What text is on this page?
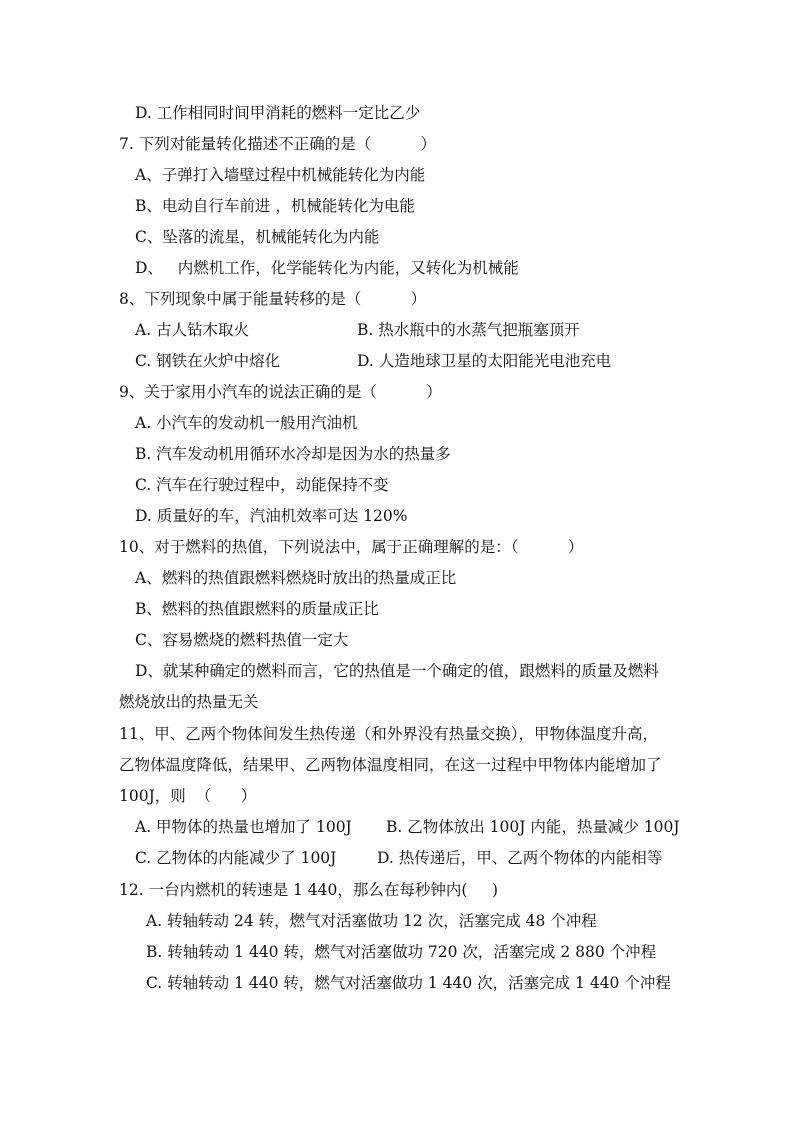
D. 工作相同时间甲消耗的燃料一定比乙少
7. 下列对能量转化描述不正确的是（          ）
A、子弹打入墙壁过程中机械能转化为内能
B、电动自行车前进 ，机械能转化为电能
C、坠落的流星，机械能转化为内能
D、   内燃机工作，化学能转化为内能，又转化为机械能
8、下列现象中属于能量转移的是（          ）
A. 古人钻木取火	B. 热水瓶中的水蒸气把瓶塞顶开
C. 钢铁在火炉中熔化	D. 人造地球卫星的太阳能光电池充电
9、关于家用小汽车的说法正确的是（          ）
A. 小汽车的发动机一般用汽油机
B. 汽车发动机用循环水冷却是因为水的热量多
C. 汽车在行驶过程中，动能保持不变
D. 质量好的车，汽油机效率可达 120%
10、对于燃料的热值，下列说法中，属于正确理解的是：（          ）
A、燃料的热值跟燃料燃烧时放出的热量成正比
B、燃料的热值跟燃料的质量成正比
C、容易燃烧的燃料热值一定大
D、就某种确定的燃料而言，它的热值是一个确定的值，跟燃料的质量及燃料
燃烧放出的热量无关
11、甲、乙两个物体间发生热传递（和外界没有热量交换），甲物体温度升高，
乙物体温度降低，结果甲、乙两物体温度相同，在这一过程中甲物体内能增加了
100J，则  （      ）
A. 甲物体的热量也增加了 100J B. 乙物体放出 100J 内能，热量减少 100J
C. 乙物体的内能减少了 100J	D. 热传递后，甲、乙两个物体的内能相等
12. 一台内燃机的转速是 1 440，那么在每秒钟内(     )
A. 转轴转动 24 转，燃气对活塞做功 12 次，活塞完成 48 个冲程
B. 转轴转动 1 440 转，燃气对活塞做功 720 次，活塞完成 2 880 个冲程
C. 转轴转动 1 440 转，燃气对活塞做功 1 440 次，活塞完成 1 440 个冲程
